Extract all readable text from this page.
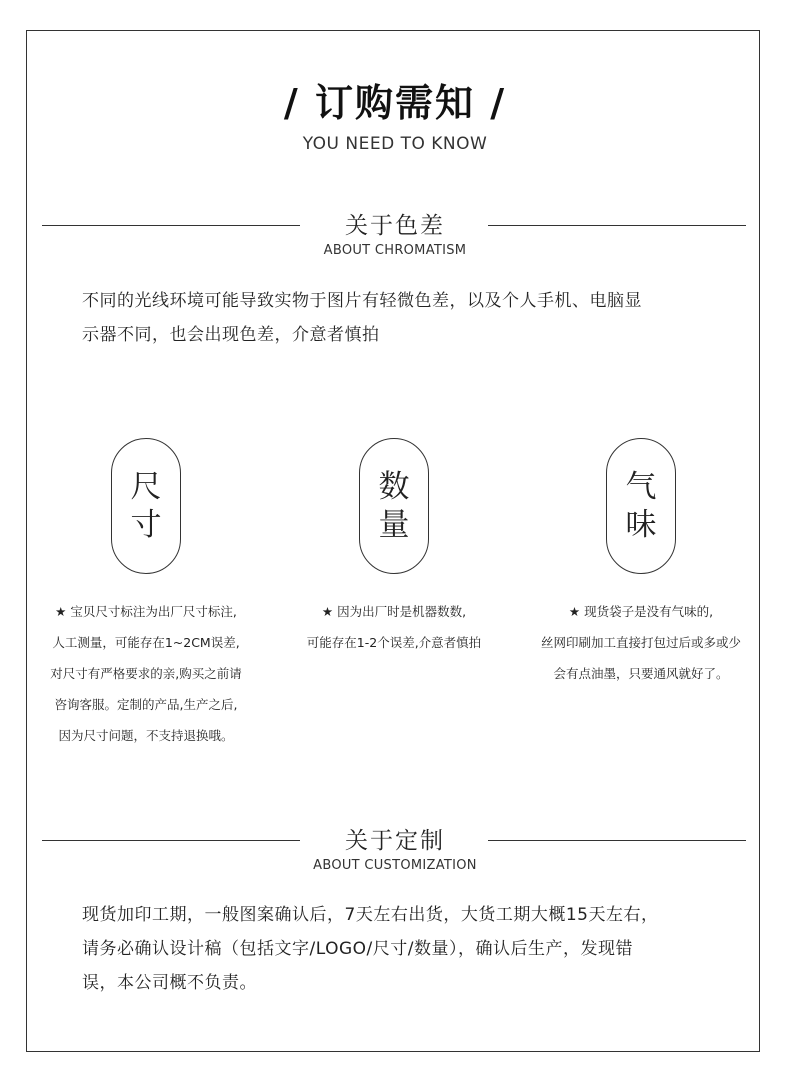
/ 订购需知 /
YOU NEED TO KNOW
关于色差
ABOUT CHROMATISM
不同的光线环境可能导致实物于图片有轻微色差，以及个人手机、电脑显
示器不同，也会出现色差，介意者慎拍
尺
寸
数
量
气
味
★ 宝贝尺寸标注为出厂尺寸标注,
人工测量，可能存在1~2CM误差,
对尺寸有严格要求的亲,购买之前请
咨询客服。定制的产品,生产之后,
因为尺寸问题，不支持退换哦。
★ 因为出厂时是机器数数,
可能存在1-2个误差,介意者慎拍
★ 现货袋子是没有气味的,
丝网印刷加工直接打包过后或多或少
会有点油墨，只要通风就好了。
关于定制
ABOUT CUSTOMIZATION
现货加印工期，一般图案确认后，7天左右出货，大货工期大概15天左右，
请务必确认设计稿（包括文字/LOGO/尺寸/数量），确认后生产，发现错
误，本公司概不负责。
